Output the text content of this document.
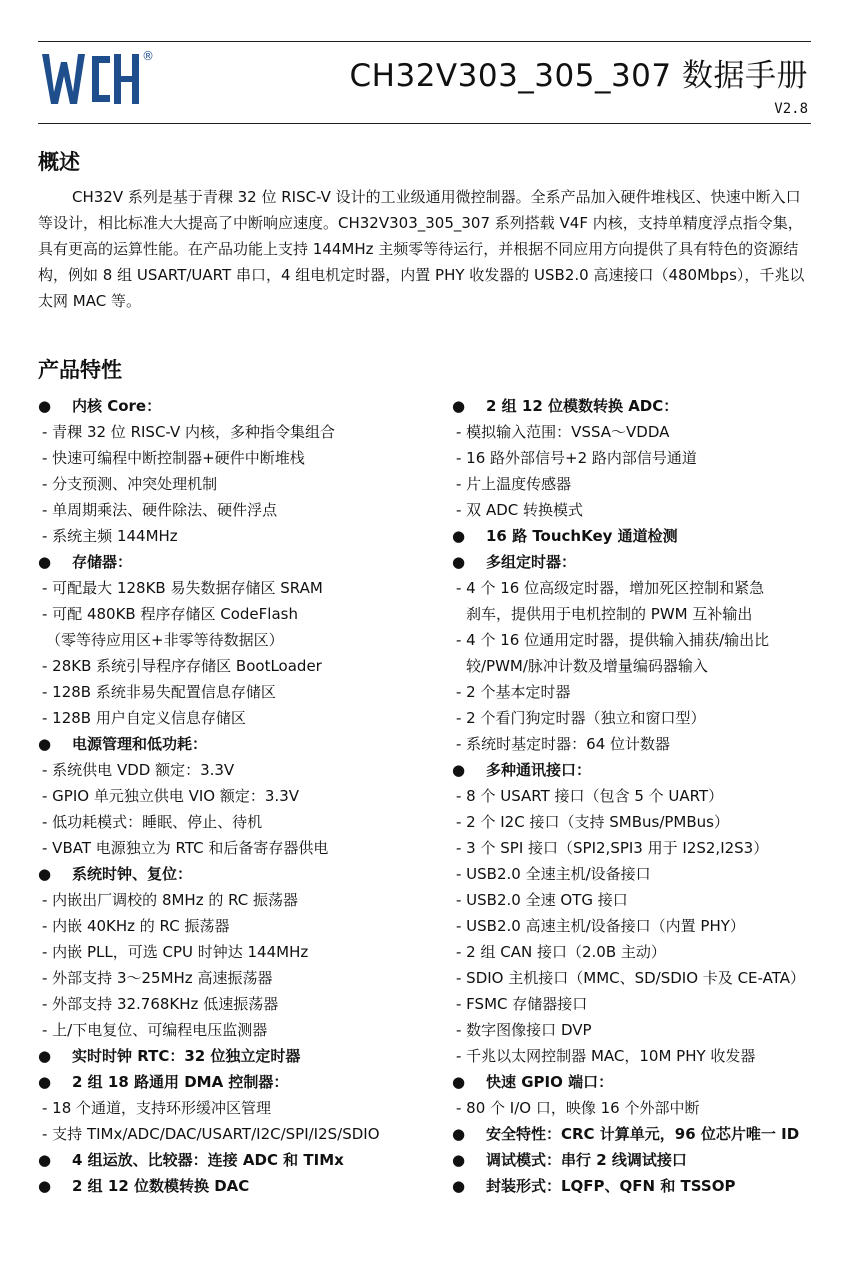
®
CH32V303_305_307 数据手册
V2.8
概述

CH32V 系列是基于青稞 32 位 RISC-V 设计的工业级通用微控制器。全系产品加入硬件堆栈区、快速中断入口等设计，相比标准大大提高了中断响应速度。CH32V303_305_307 系列搭载 V4F 内核，支持单精度浮点指令集，具有更高的运算性能。在产品功能上支持 144MHz 主频零等待运行，并根据不同应用方向提供了具有特色的资源结构，例如 8 组 USART/UART 串口，4 组电机定时器，内置 PHY 收发器的 USB2.0 高速接口（480Mbps），千兆以太网 MAC 等。

产品特性
● 内核 Core：
- 青稞 32 位 RISC-V 内核，多种指令集组合
- 快速可编程中断控制器+硬件中断堆栈
- 分支预测、冲突处理机制
- 单周期乘法、硬件除法、硬件浮点
- 系统主频 144MHz
● 存储器：
- 可配最大 128KB 易失数据存储区 SRAM
- 可配 480KB 程序存储区 CodeFlash
（零等待应用区+非零等待数据区）
- 28KB 系统引导程序存储区 BootLoader
- 128B 系统非易失配置信息存储区
- 128B 用户自定义信息存储区
● 电源管理和低功耗：
- 系统供电 VDD 额定：3.3V
- GPIO 单元独立供电 VIO 额定：3.3V
- 低功耗模式：睡眠、停止、待机
- VBAT 电源独立为 RTC 和后备寄存器供电
● 系统时钟、复位：
- 内嵌出厂调校的 8MHz 的 RC 振荡器
- 内嵌 40KHz 的 RC 振荡器
- 内嵌 PLL，可选 CPU 时钟达 144MHz
- 外部支持 3～25MHz 高速振荡器
- 外部支持 32.768KHz 低速振荡器
- 上/下电复位、可编程电压监测器
● 实时时钟 RTC：32 位独立定时器
● 2 组 18 路通用 DMA 控制器：
- 18 个通道，支持环形缓冲区管理
- 支持 TIMx/ADC/DAC/USART/I2C/SPI/I2S/SDIO
● 4 组运放、比较器：连接 ADC 和 TIMx
● 2 组 12 位数模转换 DAC
● 2 组 12 位模数转换 ADC：
- 模拟输入范围：VSSA～VDDA
- 16 路外部信号+2 路内部信号通道
- 片上温度传感器
- 双 ADC 转换模式
● 16 路 TouchKey 通道检测
● 多组定时器：
- 4 个 16 位高级定时器，增加死区控制和紧急
刹车，提供用于电机控制的 PWM 互补输出
- 4 个 16 位通用定时器，提供输入捕获/输出比
较/PWM/脉冲计数及增量编码器输入
- 2 个基本定时器
- 2 个看门狗定时器（独立和窗口型）
- 系统时基定时器：64 位计数器
● 多种通讯接口：
- 8 个 USART 接口（包含 5 个 UART）
- 2 个 I2C 接口（支持 SMBus/PMBus）
- 3 个 SPI 接口（SPI2,SPI3 用于 I2S2,I2S3）
- USB2.0 全速主机/设备接口
- USB2.0 全速 OTG 接口
- USB2.0 高速主机/设备接口（内置 PHY）
- 2 组 CAN 接口（2.0B 主动）
- SDIO 主机接口（MMC、SD/SDIO 卡及 CE-ATA）
- FSMC 存储器接口
- 数字图像接口 DVP
- 千兆以太网控制器 MAC，10M PHY 收发器
● 快速 GPIO 端口：
- 80 个 I/O 口，映像 16 个外部中断
● 安全特性：CRC 计算单元，96 位芯片唯一 ID
● 调试模式：串行 2 线调试接口
● 封装形式：LQFP、QFN 和 TSSOP
